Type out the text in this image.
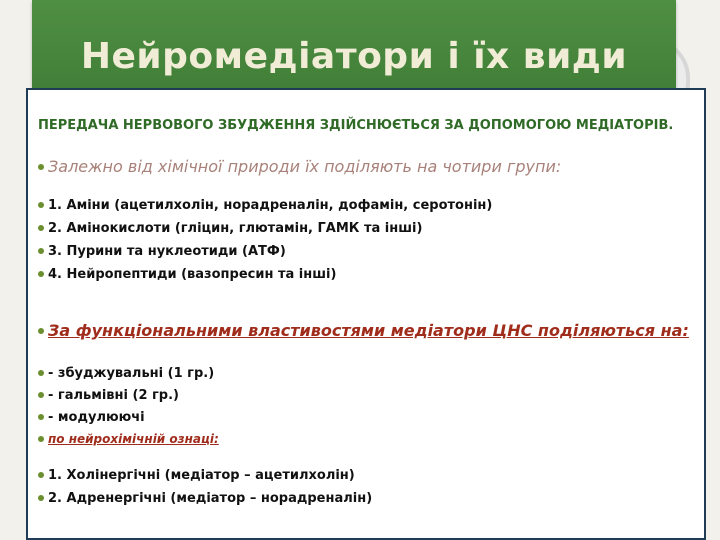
Нейромедіатори і їх види

ПЕРЕДАЧА НЕРВОВОГО ЗБУДЖЕННЯ ЗДІЙСНЮЄТЬСЯ ЗА ДОПОМОГОЮ МЕДІАТОРІВ.

Залежно від хімічної природи їх поділяють на чотири групи:

1. Аміни (ацетилхолін, норадреналін, дофамін, серотонін)

2. Амінокислоти (гліцин, глютамін, ГАМК та інші)

3. Пурини та нуклеотиди (АТФ)

4. Нейропептиди (вазопресин та інші)

За функціональними властивостями медіатори ЦНС поділяються на:

- збуджувальні (1 гр.)

- гальмівні (2 гр.)

- модулюючі

по нейрохімічній ознаці:

1. Холінергічні (медіатор – ацетилхолін)

2. Адренергічні (медіатор – норадреналін)
